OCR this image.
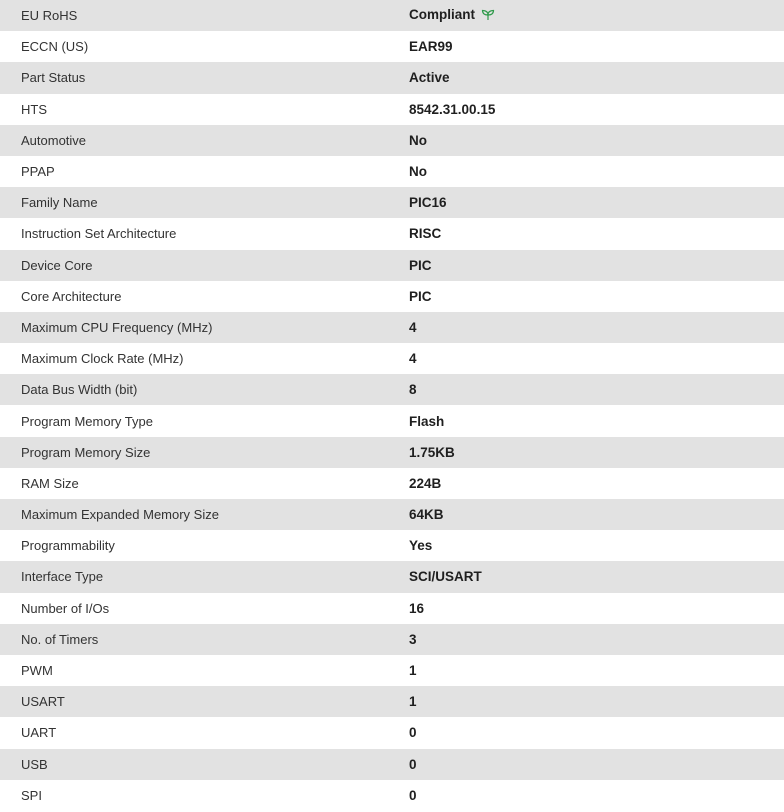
EU RoHS	Compliant
ECCN (US)	EAR99
Part Status	Active
HTS	8542.31.00.15
Automotive	No
PPAP	No
Family Name	PIC16
Instruction Set Architecture	RISC
Device Core	PIC
Core Architecture	PIC
Maximum CPU Frequency (MHz)	4
Maximum Clock Rate (MHz)	4
Data Bus Width (bit)	8
Program Memory Type	Flash
Program Memory Size	1.75KB
RAM Size	224B
Maximum Expanded Memory Size	64KB
Programmability	Yes
Interface Type	SCI/USART
Number of I/Os	16
No. of Timers	3
PWM	1
USART	1
UART	0
USB	0
SPI	0
